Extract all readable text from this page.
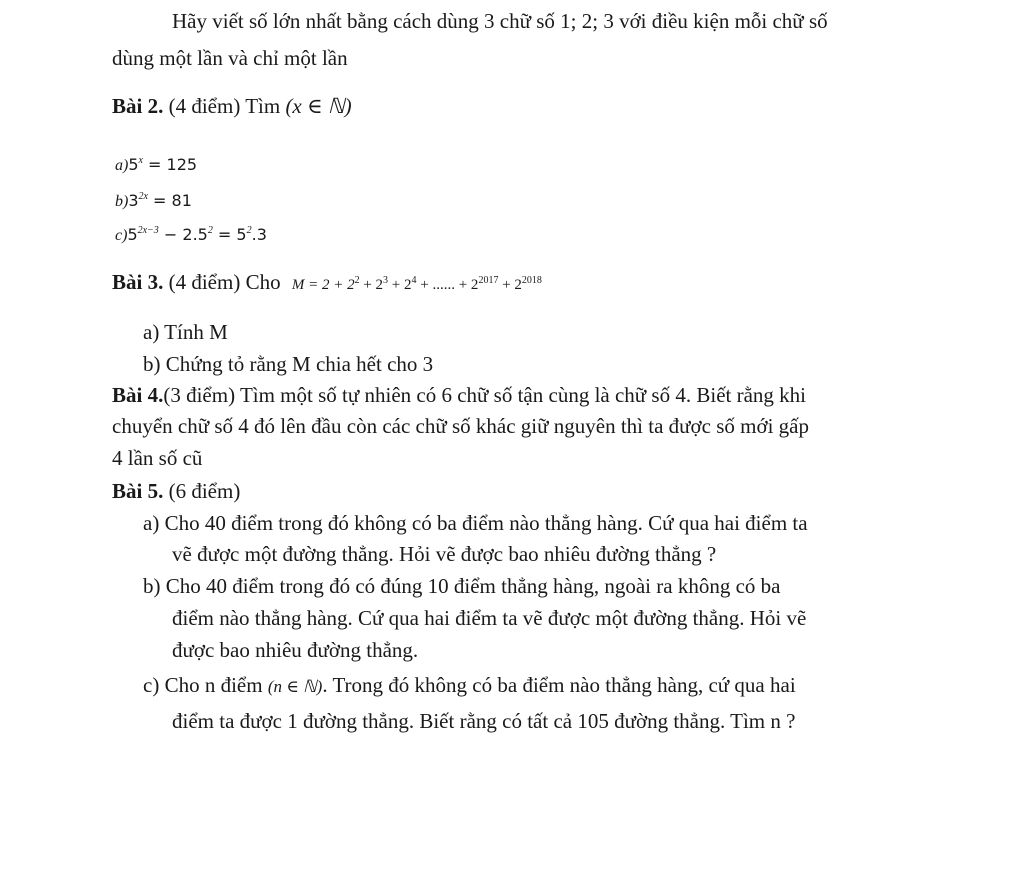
Hãy viết số lớn nhất bằng cách dùng 3 chữ số 1; 2; 3 với điều kiện mỗi chữ số
dùng một lần và chỉ một lần
Bài 2. (4 điểm) Tìm (x ∈ ℕ)
$a)5^x = 125$
$b)3^{2x} = 81$
$c)5^{2x-3} - 2.5^2 = 5^2.3$
Bài 3. (4 điểm) Cho $M = 2 + 2^2 + 2^3 + 2^4$ + ...... + $2^{2017} + 2^{2018}$
a) Tính M
b) Chứng tỏ rằng M chia hết cho 3
Bài 4.(3 điểm) Tìm một số tự nhiên có 6 chữ số tận cùng là chữ số 4. Biết rằng khi
chuyển chữ số 4 đó lên đầu còn các chữ số khác giữ nguyên thì ta được số mới gấp
4 lần số cũ
Bài 5. (6 điểm)
a) Cho 40 điểm trong đó không có ba điểm nào thẳng hàng. Cứ qua hai điểm ta
vẽ được một đường thẳng. Hỏi vẽ được bao nhiêu đường thẳng ?
b) Cho 40 điểm trong đó có đúng 10 điểm thẳng hàng, ngoài ra không có ba
điểm nào thẳng hàng. Cứ qua hai điểm ta vẽ được một đường thẳng. Hỏi vẽ
được bao nhiêu đường thẳng.
c) Cho n điểm (n ∈ ℕ). Trong đó không có ba điểm nào thẳng hàng, cứ qua hai
điểm ta được 1 đường thẳng. Biết rằng có tất cả 105 đường thẳng. Tìm n ?
